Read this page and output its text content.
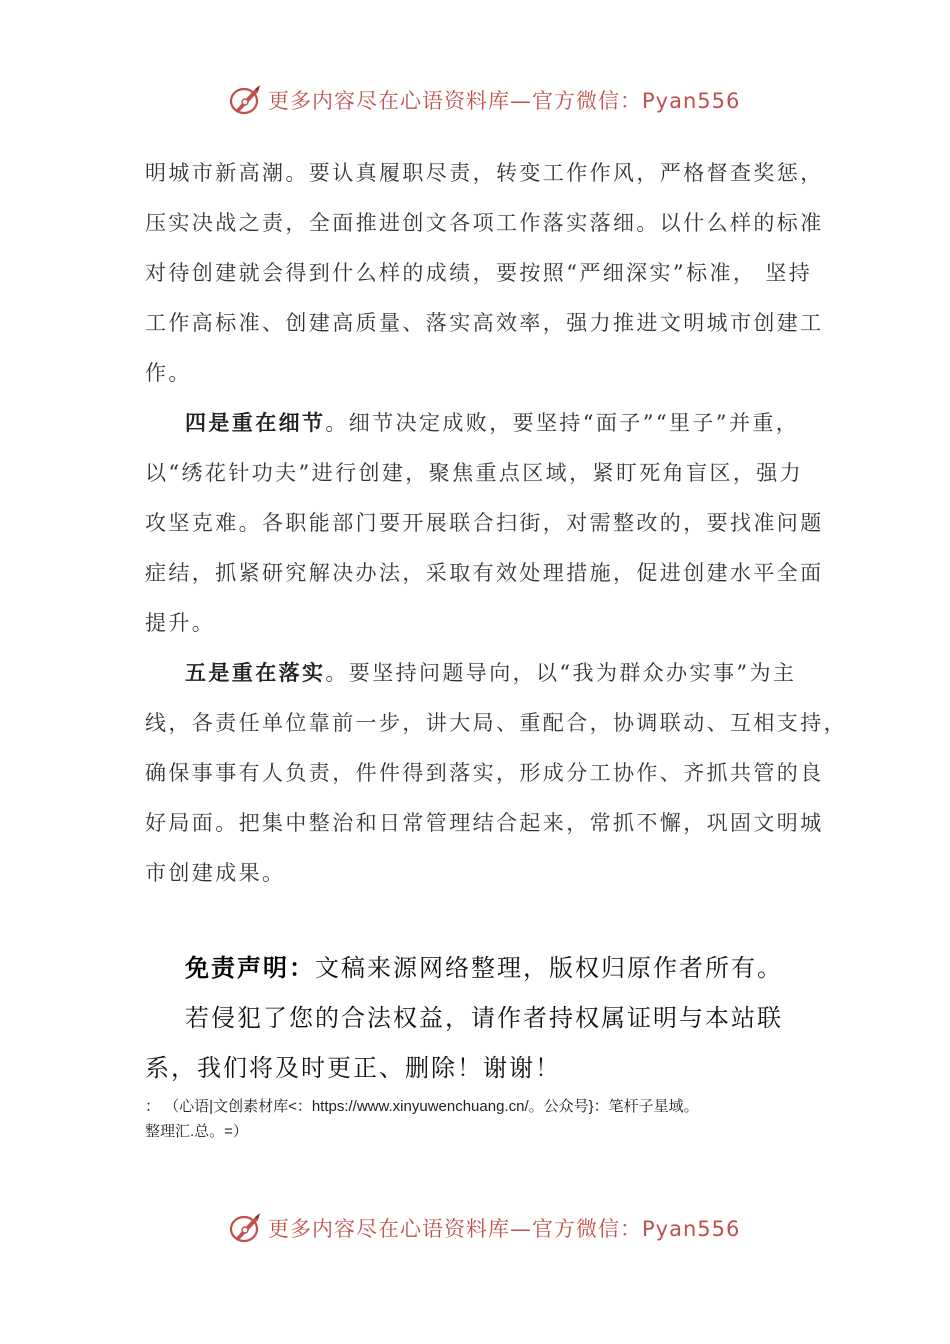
更多内容尽在心语资料库—官方微信：Pyan556
明城市新高潮。要认真履职尽责，转变工作作风，严格督查奖惩，
压实决战之责，全面推进创文各项工作落实落细。以什么样的标准
对待创建就会得到什么样的成绩，要按照“严细深实”标准， 坚持
工作高标准、创建高质量、落实高效率，强力推进文明城市创建工
作。
四是重在细节。细节决定成败，要坚持“面子”“里子”并重，
以“绣花针功夫”进行创建，聚焦重点区域，紧盯死角盲区，强力
攻坚克难。各职能部门要开展联合扫街，对需整改的，要找准问题
症结，抓紧研究解决办法，采取有效处理措施，促进创建水平全面
提升。
五是重在落实。要坚持问题导向，以“我为群众办实事”为主
线，各责任单位靠前一步，讲大局、重配合，协调联动、互相支持，
确保事事有人负责，件件得到落实，形成分工协作、齐抓共管的良
好局面。把集中整治和日常管理结合起来，常抓不懈，巩固文明城
市创建成果。
免责声明：文稿来源网络整理，版权归原作者所有。
若侵犯了您的合法权益，请作者持权属证明与本站联
系，我们将及时更正、删除！谢谢！
： （心语|文创素材库<：https://www.xinyuwenchuang.cn/。公众号}：笔杆子星域。
整理汇.总。=）
更多内容尽在心语资料库—官方微信：Pyan556
